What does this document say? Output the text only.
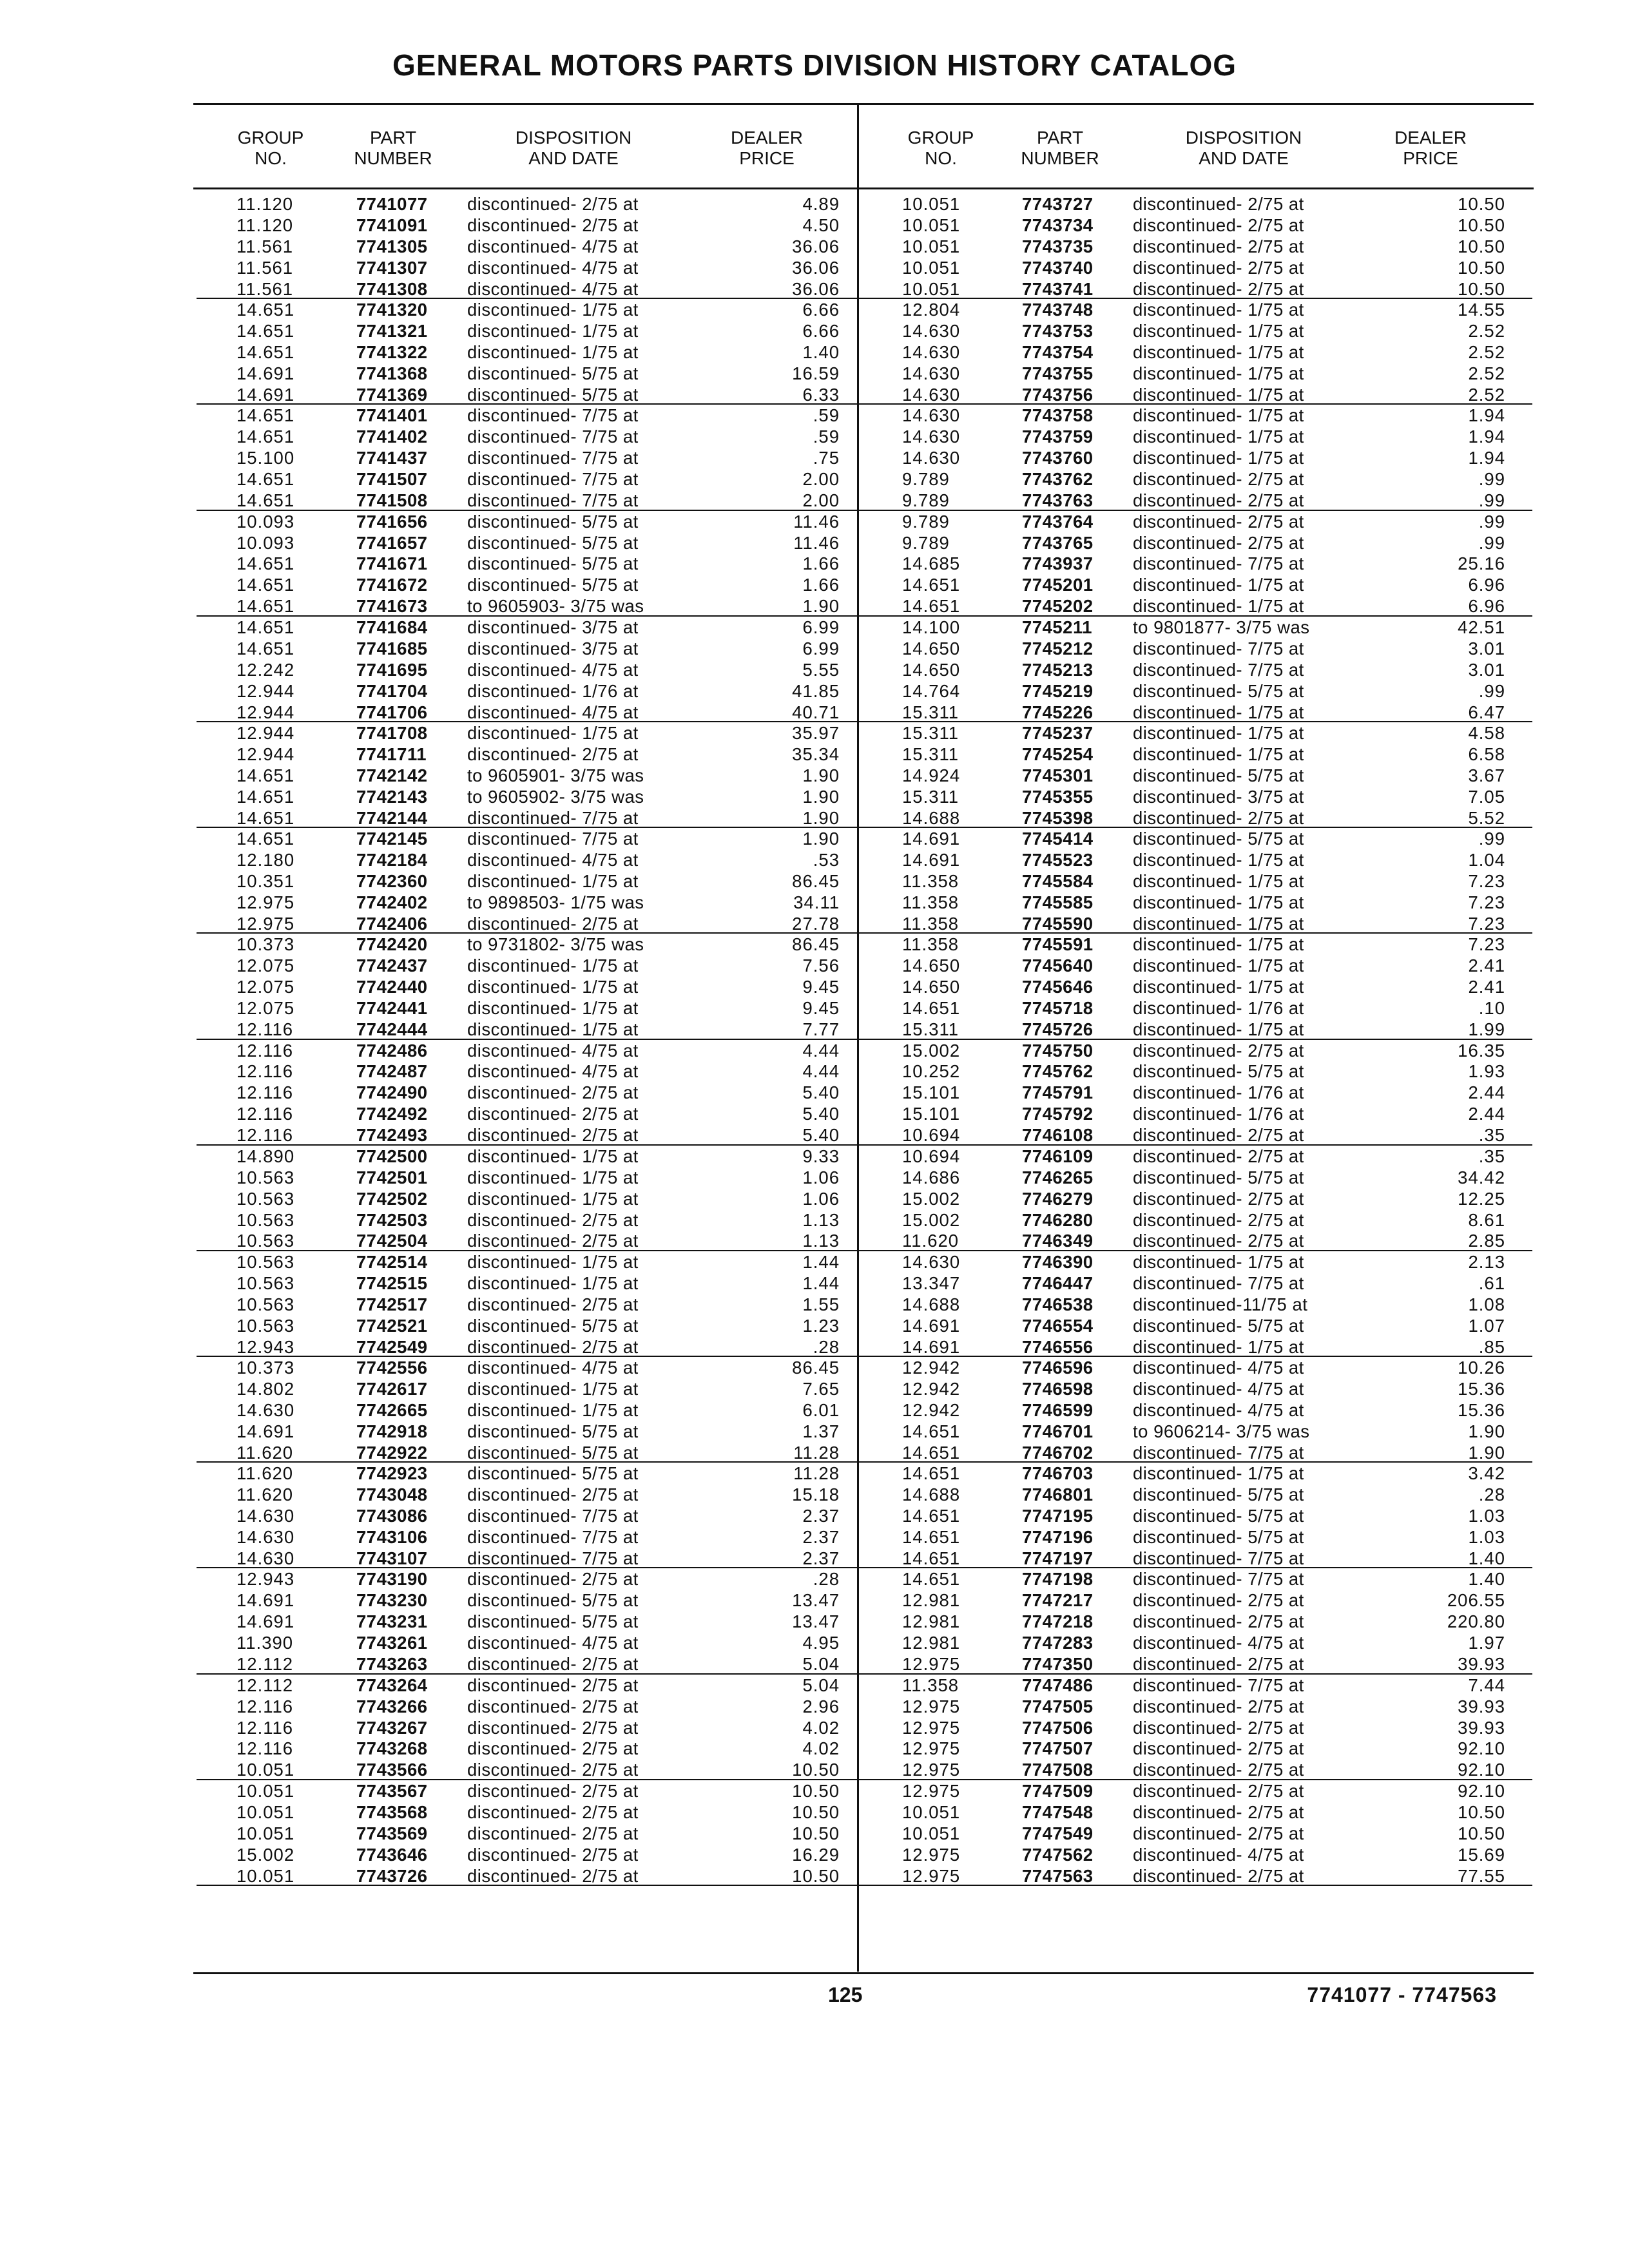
GENERAL MOTORS PARTS DIVISION HISTORY CATALOG
GROUP
NO.
PART
NUMBER
DISPOSITION
AND DATE
DEALER
PRICE
GROUP
NO.
PART
NUMBER
DISPOSITION
AND DATE
DEALER
PRICE
11.120	7741077 discontinued- 2/75 at	4.89
11.120	7741091 discontinued- 2/75 at	4.50
11.561	7741305 discontinued- 4/75 at	36.06
11.561	7741307 discontinued- 4/75 at	36.06
11.561	7741308 discontinued- 4/75 at	36.06
14.651	7741320 discontinued- 1/75 at	6.66
14.651	7741321 discontinued- 1/75 at	6.66
14.651	7741322 discontinued- 1/75 at	1.40
14.691	7741368 discontinued- 5/75 at	16.59
14.691	7741369 discontinued- 5/75 at	6.33
14.651	7741401 discontinued- 7/75 at	.59
14.651	7741402 discontinued- 7/75 at	.59
15.100	7741437 discontinued- 7/75 at	.75
14.651	7741507 discontinued- 7/75 at	2.00
14.651	7741508 discontinued- 7/75 at	2.00
10.093	7741656 discontinued- 5/75 at	11.46
10.093	7741657 discontinued- 5/75 at	11.46
14.651	7741671 discontinued- 5/75 at	1.66
14.651	7741672 discontinued- 5/75 at	1.66
14.651	7741673 to 9605903- 3/75 was	1.90
14.651	7741684 discontinued- 3/75 at	6.99
14.651	7741685 discontinued- 3/75 at	6.99
12.242	7741695 discontinued- 4/75 at	5.55
12.944	7741704 discontinued- 1/76 at	41.85
12.944	7741706 discontinued- 4/75 at	40.71
12.944	7741708 discontinued- 1/75 at	35.97
12.944	7741711 discontinued- 2/75 at	35.34
14.651	7742142 to 9605901- 3/75 was	1.90
14.651	7742143 to 9605902- 3/75 was	1.90
14.651	7742144 discontinued- 7/75 at	1.90
14.651	7742145 discontinued- 7/75 at	1.90
12.180	7742184 discontinued- 4/75 at	.53
10.351	7742360 discontinued- 1/75 at	86.45
12.975	7742402 to 9898503- 1/75 was	34.11
12.975	7742406 discontinued- 2/75 at	27.78
10.373	7742420 to 9731802- 3/75 was	86.45
12.075	7742437 discontinued- 1/75 at	7.56
12.075	7742440 discontinued- 1/75 at	9.45
12.075	7742441 discontinued- 1/75 at	9.45
12.116	7742444 discontinued- 1/75 at	7.77
12.116	7742486 discontinued- 4/75 at	4.44
12.116	7742487 discontinued- 4/75 at	4.44
12.116	7742490 discontinued- 2/75 at	5.40
12.116	7742492 discontinued- 2/75 at	5.40
12.116	7742493 discontinued- 2/75 at	5.40
14.890	7742500 discontinued- 1/75 at	9.33
10.563	7742501 discontinued- 1/75 at	1.06
10.563	7742502 discontinued- 1/75 at	1.06
10.563	7742503 discontinued- 2/75 at	1.13
10.563	7742504 discontinued- 2/75 at	1.13
10.563	7742514 discontinued- 1/75 at	1.44
10.563	7742515 discontinued- 1/75 at	1.44
10.563	7742517 discontinued- 2/75 at	1.55
10.563	7742521 discontinued- 5/75 at	1.23
12.943	7742549 discontinued- 2/75 at	.28
10.373	7742556 discontinued- 4/75 at	86.45
14.802	7742617 discontinued- 1/75 at	7.65
14.630	7742665 discontinued- 1/75 at	6.01
14.691	7742918 discontinued- 5/75 at	1.37
11.620	7742922 discontinued- 5/75 at	11.28
11.620	7742923 discontinued- 5/75 at	11.28
11.620	7743048 discontinued- 2/75 at	15.18
14.630	7743086 discontinued- 7/75 at	2.37
14.630	7743106 discontinued- 7/75 at	2.37
14.630	7743107 discontinued- 7/75 at	2.37
12.943	7743190 discontinued- 2/75 at	.28
14.691	7743230 discontinued- 5/75 at	13.47
14.691	7743231 discontinued- 5/75 at	13.47
11.390	7743261 discontinued- 4/75 at	4.95
12.112	7743263 discontinued- 2/75 at	5.04
12.112	7743264 discontinued- 2/75 at	5.04
12.116	7743266 discontinued- 2/75 at	2.96
12.116	7743267 discontinued- 2/75 at	4.02
12.116	7743268 discontinued- 2/75 at	4.02
10.051	7743566 discontinued- 2/75 at	10.50
10.051	7743567 discontinued- 2/75 at	10.50
10.051	7743568 discontinued- 2/75 at	10.50
10.051	7743569 discontinued- 2/75 at	10.50
15.002	7743646 discontinued- 2/75 at	16.29
10.051	7743726 discontinued- 2/75 at	10.50
10.051	7743727 discontinued- 2/75 at	10.50
10.051	7743734 discontinued- 2/75 at	10.50
10.051	7743735 discontinued- 2/75 at	10.50
10.051	7743740 discontinued- 2/75 at	10.50
10.051	7743741 discontinued- 2/75 at	10.50
12.804	7743748 discontinued- 1/75 at	14.55
14.630	7743753 discontinued- 1/75 at	2.52
14.630	7743754 discontinued- 1/75 at	2.52
14.630	7743755 discontinued- 1/75 at	2.52
14.630	7743756 discontinued- 1/75 at	2.52
14.630	7743758 discontinued- 1/75 at	1.94
14.630	7743759 discontinued- 1/75 at	1.94
14.630	7743760 discontinued- 1/75 at	1.94
9.789	7743762 discontinued- 2/75 at	.99
9.789	7743763 discontinued- 2/75 at	.99
9.789	7743764 discontinued- 2/75 at	.99
9.789	7743765 discontinued- 2/75 at	.99
14.685	7743937 discontinued- 7/75 at	25.16
14.651	7745201 discontinued- 1/75 at	6.96
14.651	7745202 discontinued- 1/75 at	6.96
14.100	7745211 to 9801877- 3/75 was	42.51
14.650	7745212 discontinued- 7/75 at	3.01
14.650	7745213 discontinued- 7/75 at	3.01
14.764	7745219 discontinued- 5/75 at	.99
15.311	7745226 discontinued- 1/75 at	6.47
15.311	7745237 discontinued- 1/75 at	4.58
15.311	7745254 discontinued- 1/75 at	6.58
14.924	7745301 discontinued- 5/75 at	3.67
15.311	7745355 discontinued- 3/75 at	7.05
14.688	7745398 discontinued- 2/75 at	5.52
14.691	7745414 discontinued- 5/75 at	.99
14.691	7745523 discontinued- 1/75 at	1.04
11.358	7745584 discontinued- 1/75 at	7.23
11.358	7745585 discontinued- 1/75 at	7.23
11.358	7745590 discontinued- 1/75 at	7.23
11.358	7745591 discontinued- 1/75 at	7.23
14.650	7745640 discontinued- 1/75 at	2.41
14.650	7745646 discontinued- 1/75 at	2.41
14.651	7745718 discontinued- 1/76 at	.10
15.311	7745726 discontinued- 1/75 at	1.99
15.002	7745750 discontinued- 2/75 at	16.35
10.252	7745762 discontinued- 5/75 at	1.93
15.101	7745791 discontinued- 1/76 at	2.44
15.101	7745792 discontinued- 1/76 at	2.44
10.694	7746108 discontinued- 2/75 at	.35
10.694	7746109 discontinued- 2/75 at	.35
14.686	7746265 discontinued- 5/75 at	34.42
15.002	7746279 discontinued- 2/75 at	12.25
15.002	7746280 discontinued- 2/75 at	8.61
11.620	7746349 discontinued- 2/75 at	2.85
14.630	7746390 discontinued- 1/75 at	2.13
13.347	7746447 discontinued- 7/75 at	.61
14.688	7746538 discontinued-11/75 at	1.08
14.691	7746554 discontinued- 5/75 at	1.07
14.691	7746556 discontinued- 1/75 at	.85
12.942	7746596 discontinued- 4/75 at	10.26
12.942	7746598 discontinued- 4/75 at	15.36
12.942	7746599 discontinued- 4/75 at	15.36
14.651	7746701 to 9606214- 3/75 was	1.90
14.651	7746702 discontinued- 7/75 at	1.90
14.651	7746703 discontinued- 1/75 at	3.42
14.688	7746801 discontinued- 5/75 at	.28
14.651	7747195 discontinued- 5/75 at	1.03
14.651	7747196 discontinued- 5/75 at	1.03
14.651	7747197 discontinued- 7/75 at	1.40
14.651	7747198 discontinued- 7/75 at	1.40
12.981	7747217 discontinued- 2/75 at	206.55
12.981	7747218 discontinued- 2/75 at	220.80
12.981	7747283 discontinued- 4/75 at	1.97
12.975	7747350 discontinued- 2/75 at	39.93
11.358	7747486 discontinued- 7/75 at	7.44
12.975	7747505 discontinued- 2/75 at	39.93
12.975	7747506 discontinued- 2/75 at	39.93
12.975	7747507 discontinued- 2/75 at	92.10
12.975	7747508 discontinued- 2/75 at	92.10
12.975	7747509 discontinued- 2/75 at	92.10
10.051	7747548 discontinued- 2/75 at	10.50
10.051	7747549 discontinued- 2/75 at	10.50
12.975	7747562 discontinued- 4/75 at	15.69
12.975	7747563 discontinued- 2/75 at	77.55
125	7741077 - 7747563
